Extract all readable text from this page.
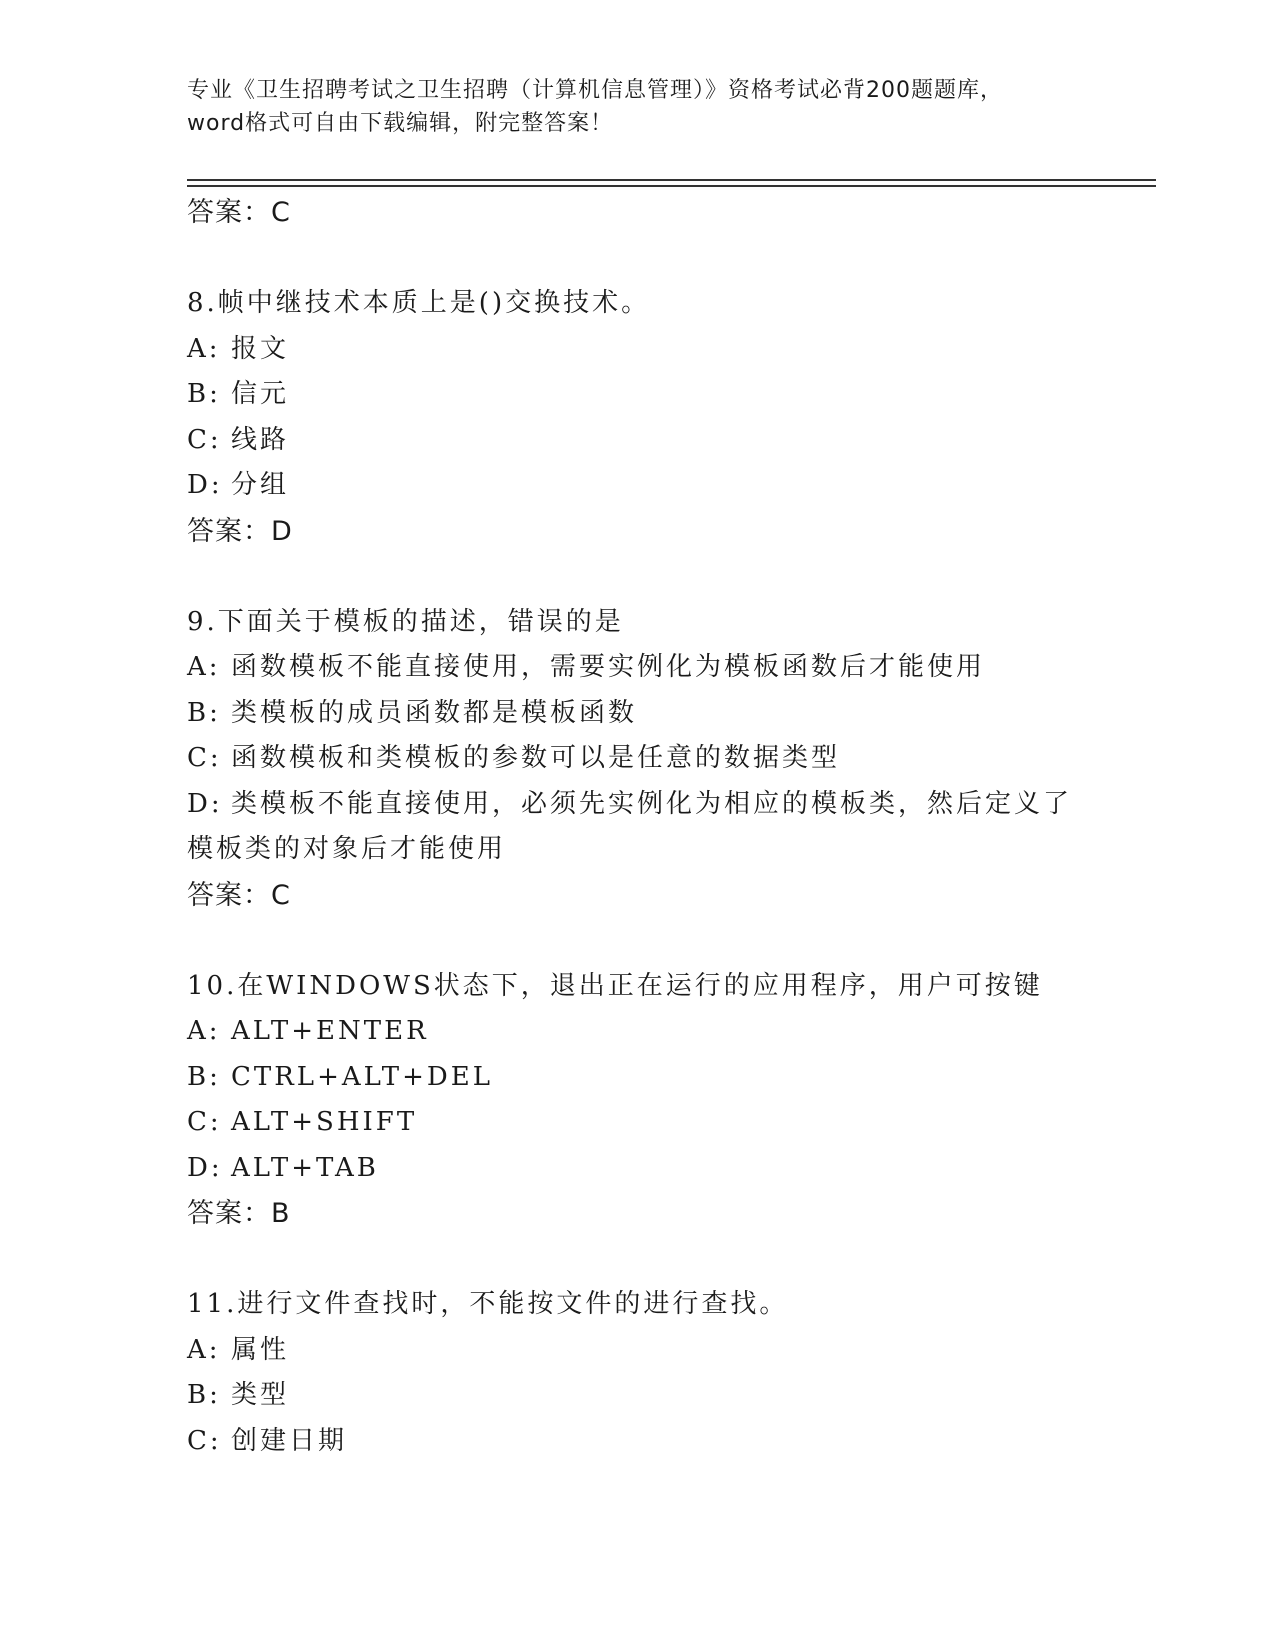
专业《卫生招聘考试之卫生招聘（计算机信息管理）》资格考试必背200题题库，
word格式可自由下载编辑，附完整答案！
答案：C
8.帧中继技术本质上是()交换技术。
A: 报文
B: 信元
C: 线路
D: 分组
答案：D
9.下面关于模板的描述，错误的是
A: 函数模板不能直接使用，需要实例化为模板函数后才能使用
B: 类模板的成员函数都是模板函数
C: 函数模板和类模板的参数可以是任意的数据类型
D: 类模板不能直接使用，必须先实例化为相应的模板类，然后定义了
模板类的对象后才能使用
答案：C
10.在WINDOWS状态下，退出正在运行的应用程序，用户可按键
A: ALT+ENTER
B: CTRL+ALT+DEL
C: ALT+SHIFT
D: ALT+TAB
答案：B
11.进行文件查找时，不能按文件的进行查找。
A: 属性
B: 类型
C: 创建日期
